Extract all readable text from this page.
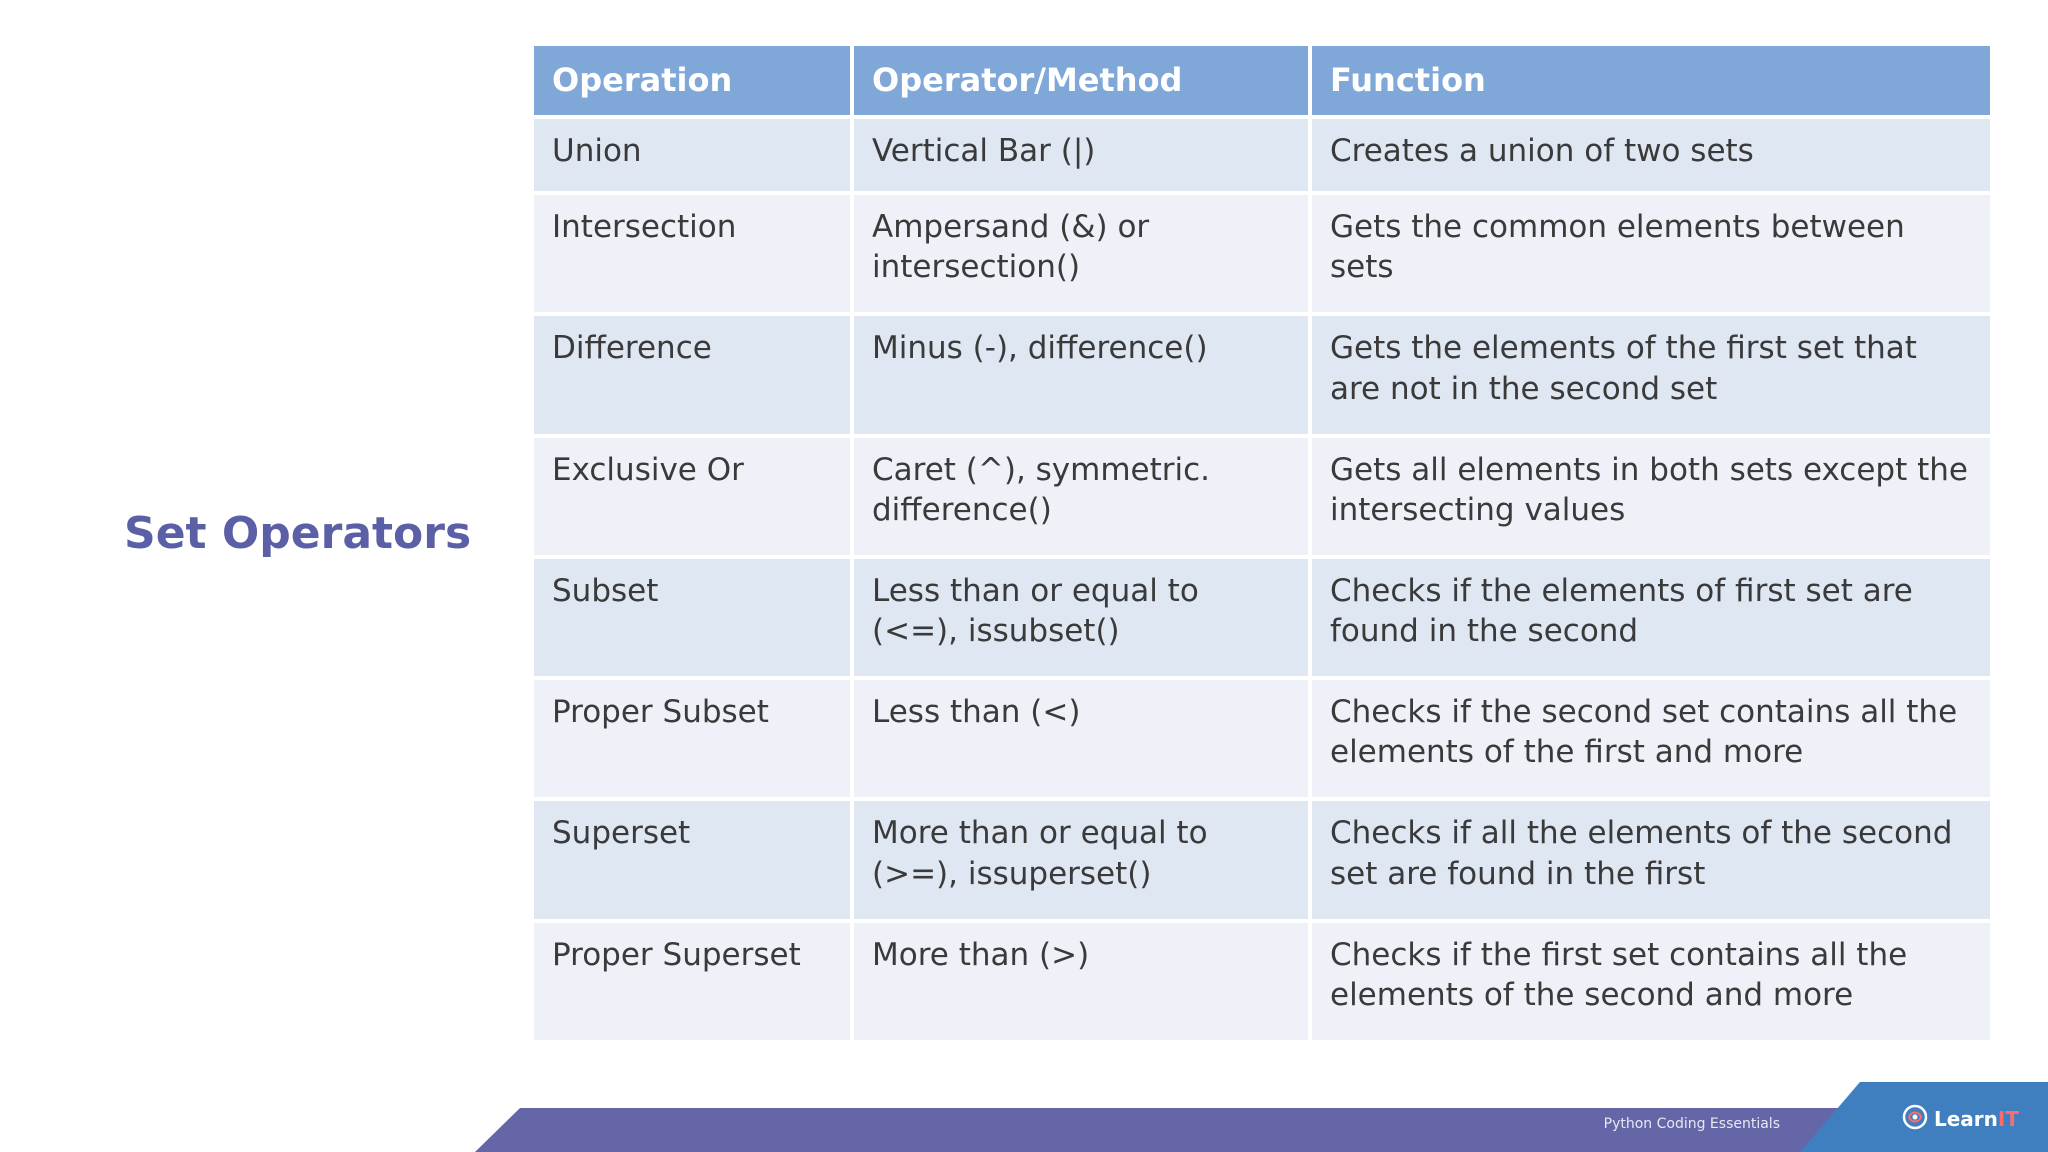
Set Operators
Operation	Operator/Method	Function
Union	Vertical Bar (|)	Creates a union of two sets
Intersection	Ampersand (&) or intersection()	Gets the common elements between sets
Difference	Minus (-), difference()	Gets the elements of the first set that are not in the second set
Exclusive Or	Caret (^), symmetric. difference()	Gets all elements in both sets except the intersecting values
Subset	Less than or equal to (<=), issubset()	Checks if the elements of first set are found in the second
Proper Subset	Less than (<)	Checks if the second set contains all the elements of the first and more
Superset	More than or equal to (>=), issuperset()	Checks if all the elements of the second set are found in the first
Proper Superset	More than (>)	Checks if the first set contains all the elements of the second and more
Python Coding Essentials	LearnIT
